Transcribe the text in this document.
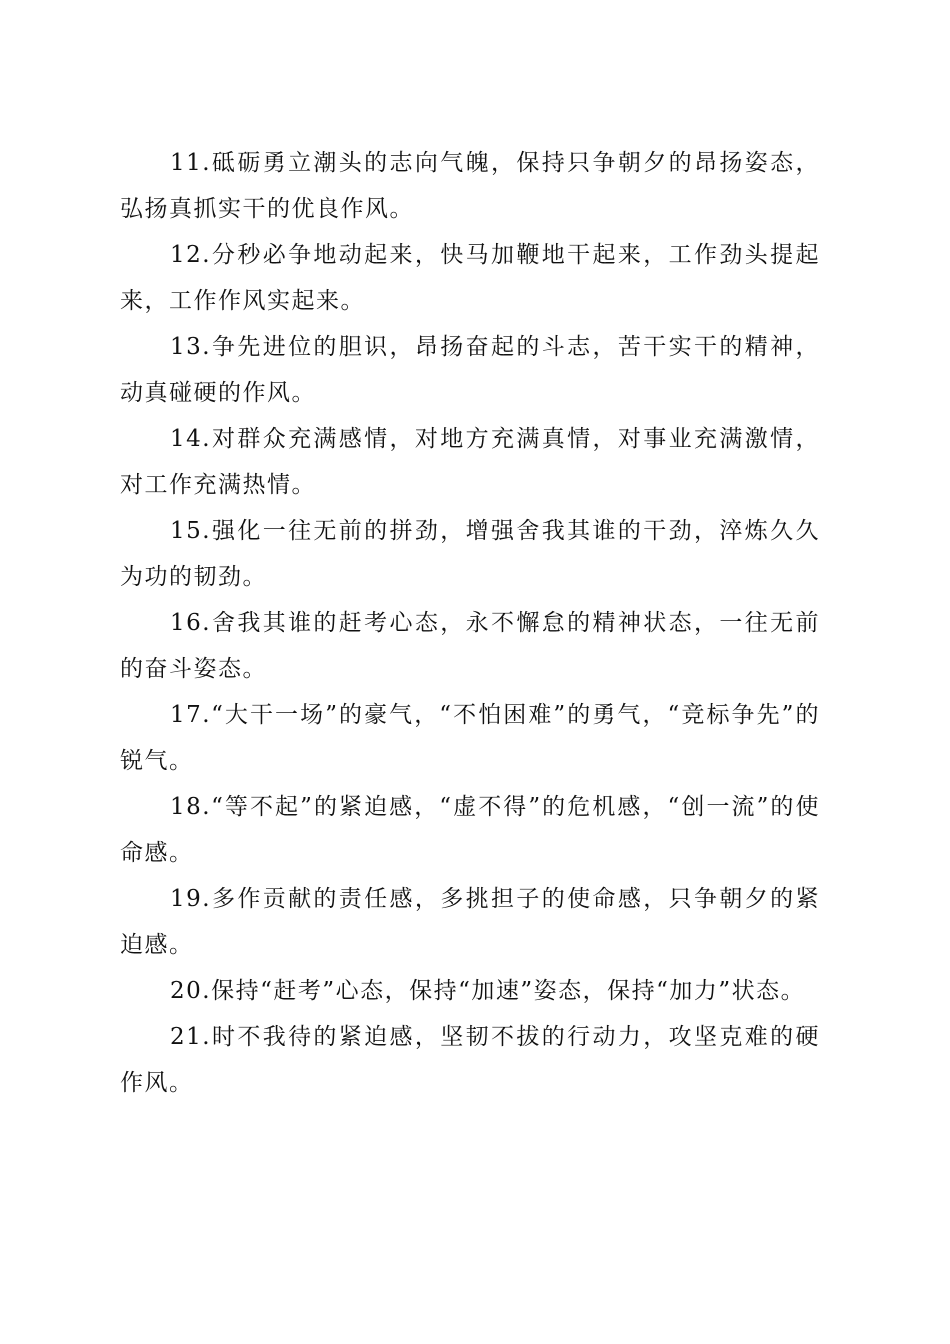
11.砥砺勇立潮头的志向气魄，保持只争朝夕的昂扬姿态，弘扬真抓实干的优良作风。

12.分秒必争地动起来，快马加鞭地干起来，工作劲头提起来，工作作风实起来。

13.争先进位的胆识，昂扬奋起的斗志，苦干实干的精神，动真碰硬的作风。

14.对群众充满感情，对地方充满真情，对事业充满激情，对工作充满热情。

15.强化一往无前的拼劲，增强舍我其谁的干劲，淬炼久久为功的韧劲。

16.舍我其谁的赶考心态，永不懈怠的精神状态，一往无前的奋斗姿态。

17.“大干一场”的豪气，“不怕困难”的勇气，“竞标争先”的锐气。

18.“等不起”的紧迫感，“虚不得”的危机感，“创一流”的使命感。

19.多作贡献的责任感，多挑担子的使命感，只争朝夕的紧迫感。

20.保持“赶考”心态，保持“加速”姿态，保持“加力”状态。

21.时不我待的紧迫感，坚韧不拔的行动力，攻坚克难的硬作风。
